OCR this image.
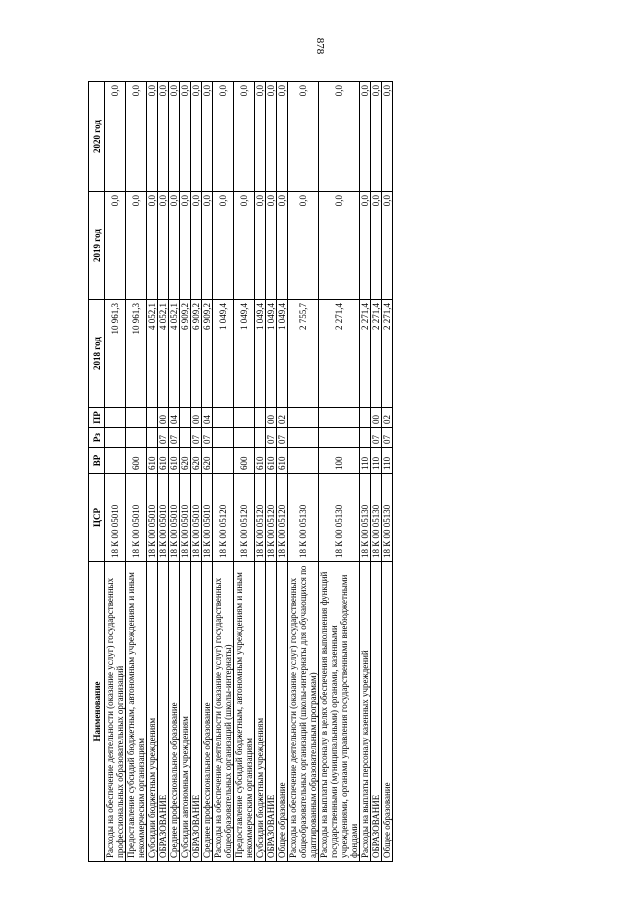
878
Наименование	ЦСР	ВР	Рз	ПР	2018 год	2019 год	2020 год
Расходы на обеспечение деятельности (оказание услуг) государственных профессиональных образовательных организаций	18 К 00 05010				10 961,3	0,0	0,0
Предоставление субсидий бюджетным, автономным учреждениям и иным некоммерческим организациям	18 К 00 05010	600			10 961,3	0,0	0,0
Субсидии бюджетным учреждениям	18 К 00 05010	610			4 052,1	0,0	0,0
ОБРАЗОВАНИЕ	18 К 00 05010	610	07	00	4 052,1	0,0	0,0
Среднее профессиональное образование	18 К 00 05010	610	07	04	4 052,1	0,0	0,0
Субсидии автономным учреждениям	18 К 00 05010	620			6 909,2	0,0	0,0
ОБРАЗОВАНИЕ	18 К 00 05010	620	07	00	6 909,2	0,0	0,0
Среднее профессиональное образование	18 К 00 05010	620	07	04	6 909,2	0,0	0,0
Расходы на обеспечение деятельности (оказание услуг) государственных общеобразовательных организаций (школы-интернаты)	18 К 00 05120				1 049,4	0,0	0,0
Предоставление субсидий бюджетным, автономным учреждениям и иным некоммерческим организациям	18 К 00 05120	600			1 049,4	0,0	0,0
Субсидии бюджетным учреждениям	18 К 00 05120	610			1 049,4	0,0	0,0
ОБРАЗОВАНИЕ	18 К 00 05120	610	07	00	1 049,4	0,0	0,0
Общее образование	18 К 00 05120	610	07	02	1 049,4	0,0	0,0
Расходы на обеспечение деятельности (оказание услуг) государственных общеобразовательных организаций (школы-интернаты для обучающихся по адаптированным образовательным программам)	18 К 00 05130				2 755,7	0,0	0,0
Расходы на выплаты персоналу в целях обеспечения выполнения функций государственными (муниципальными) органами, казенными учреждениями, органами управления государственными внебюджетными фондами	18 К 00 05130	100			2 271,4	0,0	0,0
Расходы на выплаты персоналу казенных учреждений	18 К 00 05130	110			2 271,4	0,0	0,0
ОБРАЗОВАНИЕ	18 К 00 05130	110	07	00	2 271,4	0,0	0,0
Общее образование	18 К 00 05130	110	07	02	2 271,4	0,0	0,0
